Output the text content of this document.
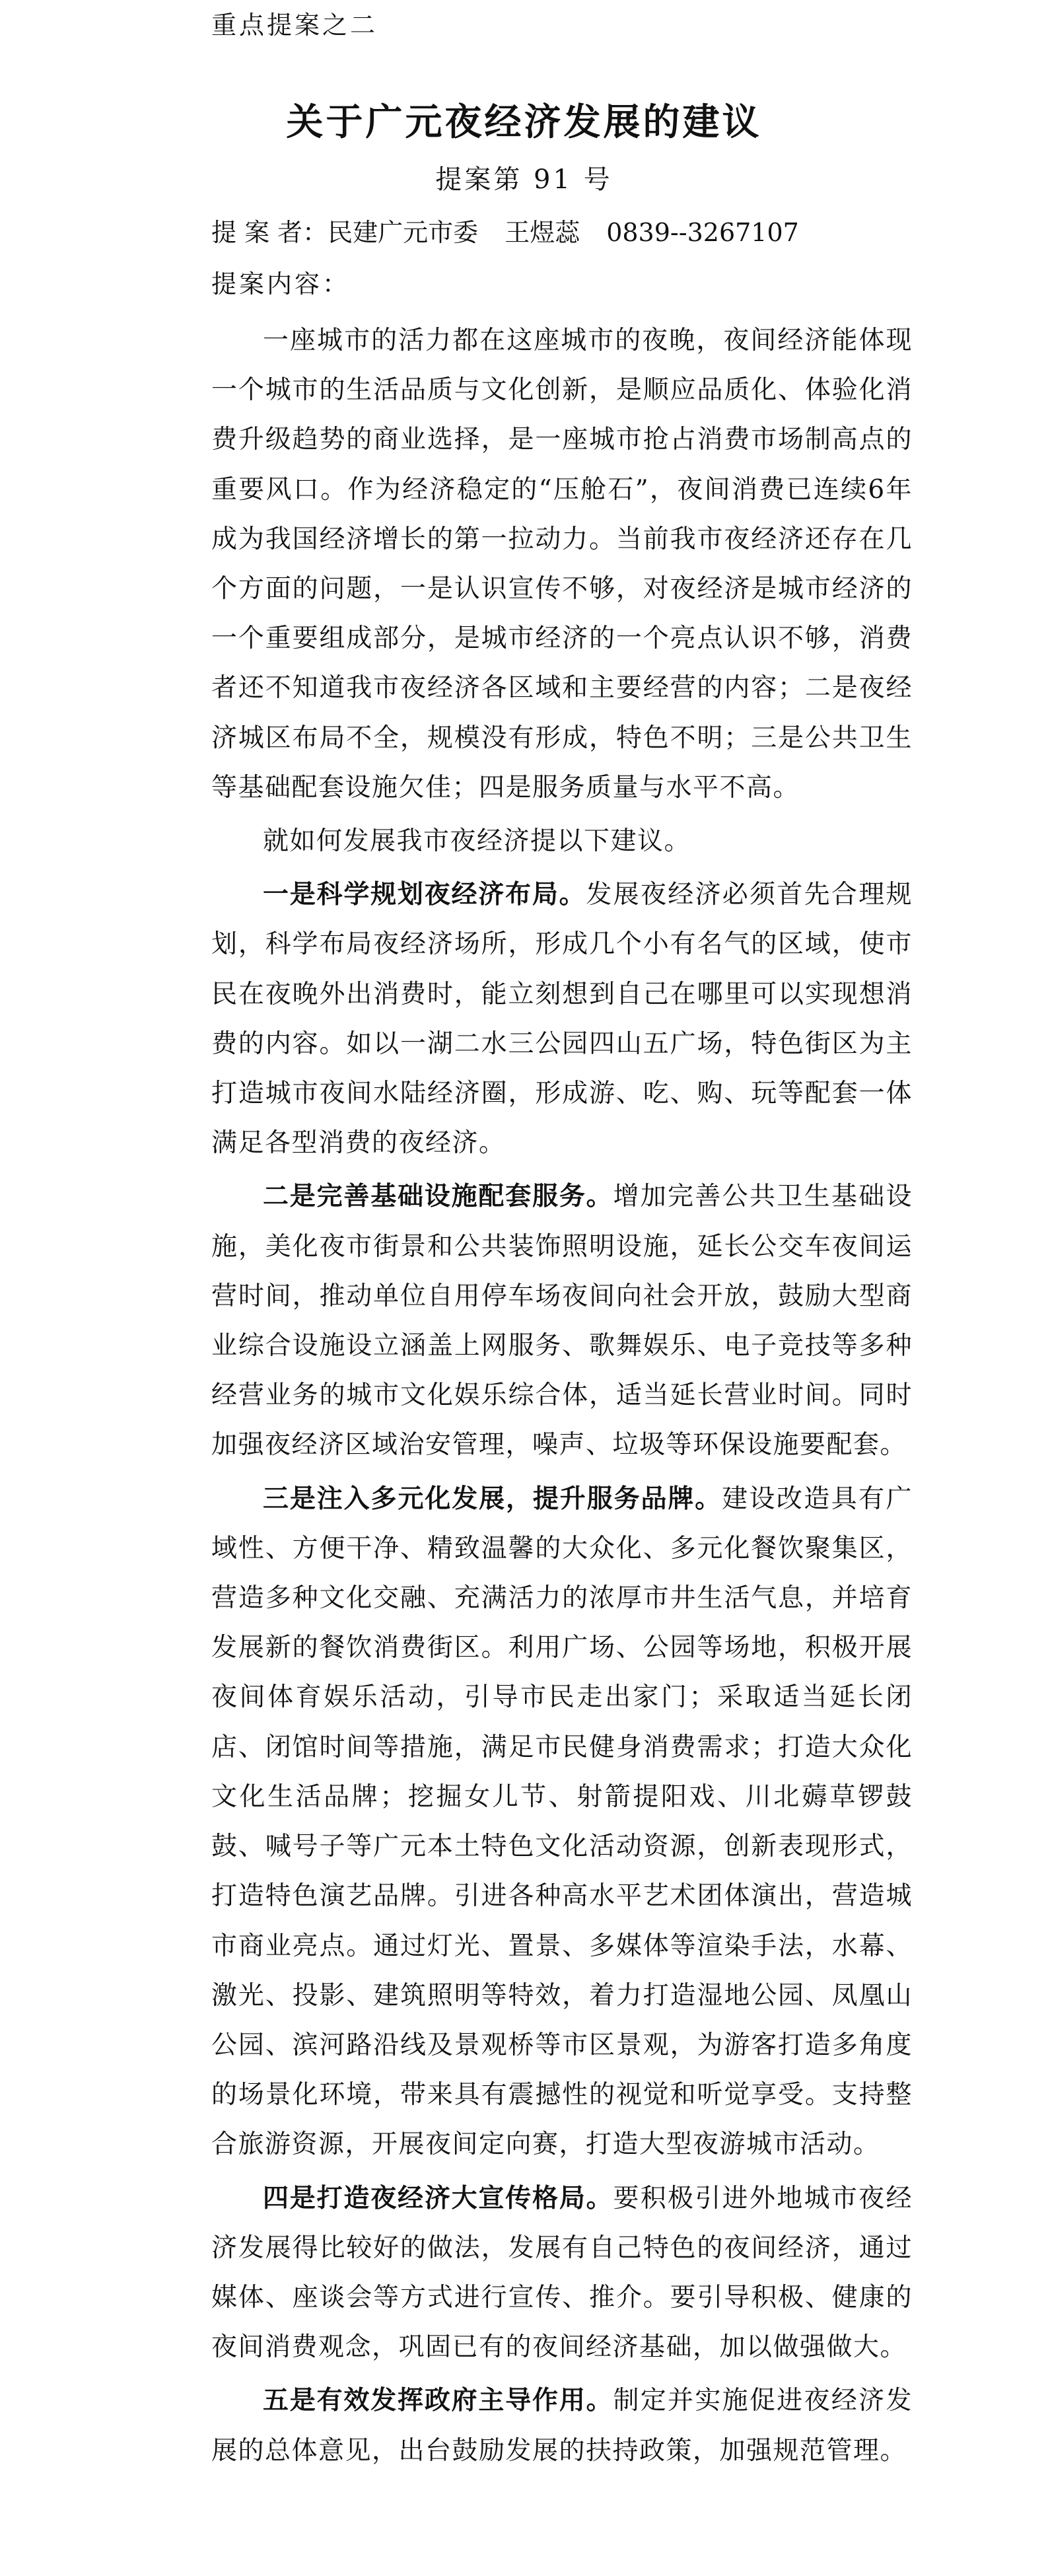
重点提案之二
关于广元夜经济发展的建议
提案第 91 号
提 案 者：民建广元市委 王煜蕊 0839--3267107
提案内容：

一座城市的活力都在这座城市的夜晚，夜间经济能体现一个城市的生活品质与文化创新，是顺应品质化、体验化消费升级趋势的商业选择，是一座城市抢占消费市场制高点的重要风口。作为经济稳定的“压舱石”，夜间消费已连续6年成为我国经济增长的第一拉动力。当前我市夜经济还存在几个方面的问题，一是认识宣传不够，对夜经济是城市经济的一个重要组成部分，是城市经济的一个亮点认识不够，消费者还不知道我市夜经济各区域和主要经营的内容；二是夜经济城区布局不全，规模没有形成，特色不明；三是公共卫生等基础配套设施欠佳；四是服务质量与水平不高。

就如何发展我市夜经济提以下建议。

一是科学规划夜经济布局。发展夜经济必须首先合理规划，科学布局夜经济场所，形成几个小有名气的区域，使市民在夜晚外出消费时，能立刻想到自己在哪里可以实现想消费的内容。如以一湖二水三公园四山五广场，特色街区为主打造城市夜间水陆经济圈，形成游、吃、购、玩等配套一体满足各型消费的夜经济。

二是完善基础设施配套服务。增加完善公共卫生基础设施，美化夜市街景和公共装饰照明设施，延长公交车夜间运营时间，推动单位自用停车场夜间向社会开放，鼓励大型商业综合设施设立涵盖上网服务、歌舞娱乐、电子竞技等多种经营业务的城市文化娱乐综合体，适当延长营业时间。同时加强夜经济区域治安管理，噪声、垃圾等环保设施要配套。

三是注入多元化发展，提升服务品牌。建设改造具有广域性、方便干净、精致温馨的大众化、多元化餐饮聚集区，营造多种文化交融、充满活力的浓厚市井生活气息，并培育发展新的餐饮消费街区。利用广场、公园等场地，积极开展夜间体育娱乐活动，引导市民走出家门；采取适当延长闭店、闭馆时间等措施，满足市民健身消费需求；打造大众化文化生活品牌；挖掘女儿节、射箭提阳戏、川北薅草锣鼓鼓、喊号子等广元本土特色文化活动资源，创新表现形式，打造特色演艺品牌。引进各种高水平艺术团体演出，营造城市商业亮点。通过灯光、置景、多媒体等渲染手法，水幕、激光、投影、建筑照明等特效，着力打造湿地公园、凤凰山公园、滨河路沿线及景观桥等市区景观，为游客打造多角度的场景化环境，带来具有震撼性的视觉和听觉享受。支持整合旅游资源，开展夜间定向赛，打造大型夜游城市活动。

四是打造夜经济大宣传格局。要积极引进外地城市夜经济发展得比较好的做法，发展有自己特色的夜间经济，通过媒体、座谈会等方式进行宣传、推介。要引导积极、健康的夜间消费观念，巩固已有的夜间经济基础，加以做强做大。

五是有效发挥政府主导作用。制定并实施促进夜经济发展的总体意见，出台鼓励发展的扶持政策，加强规范管理。
